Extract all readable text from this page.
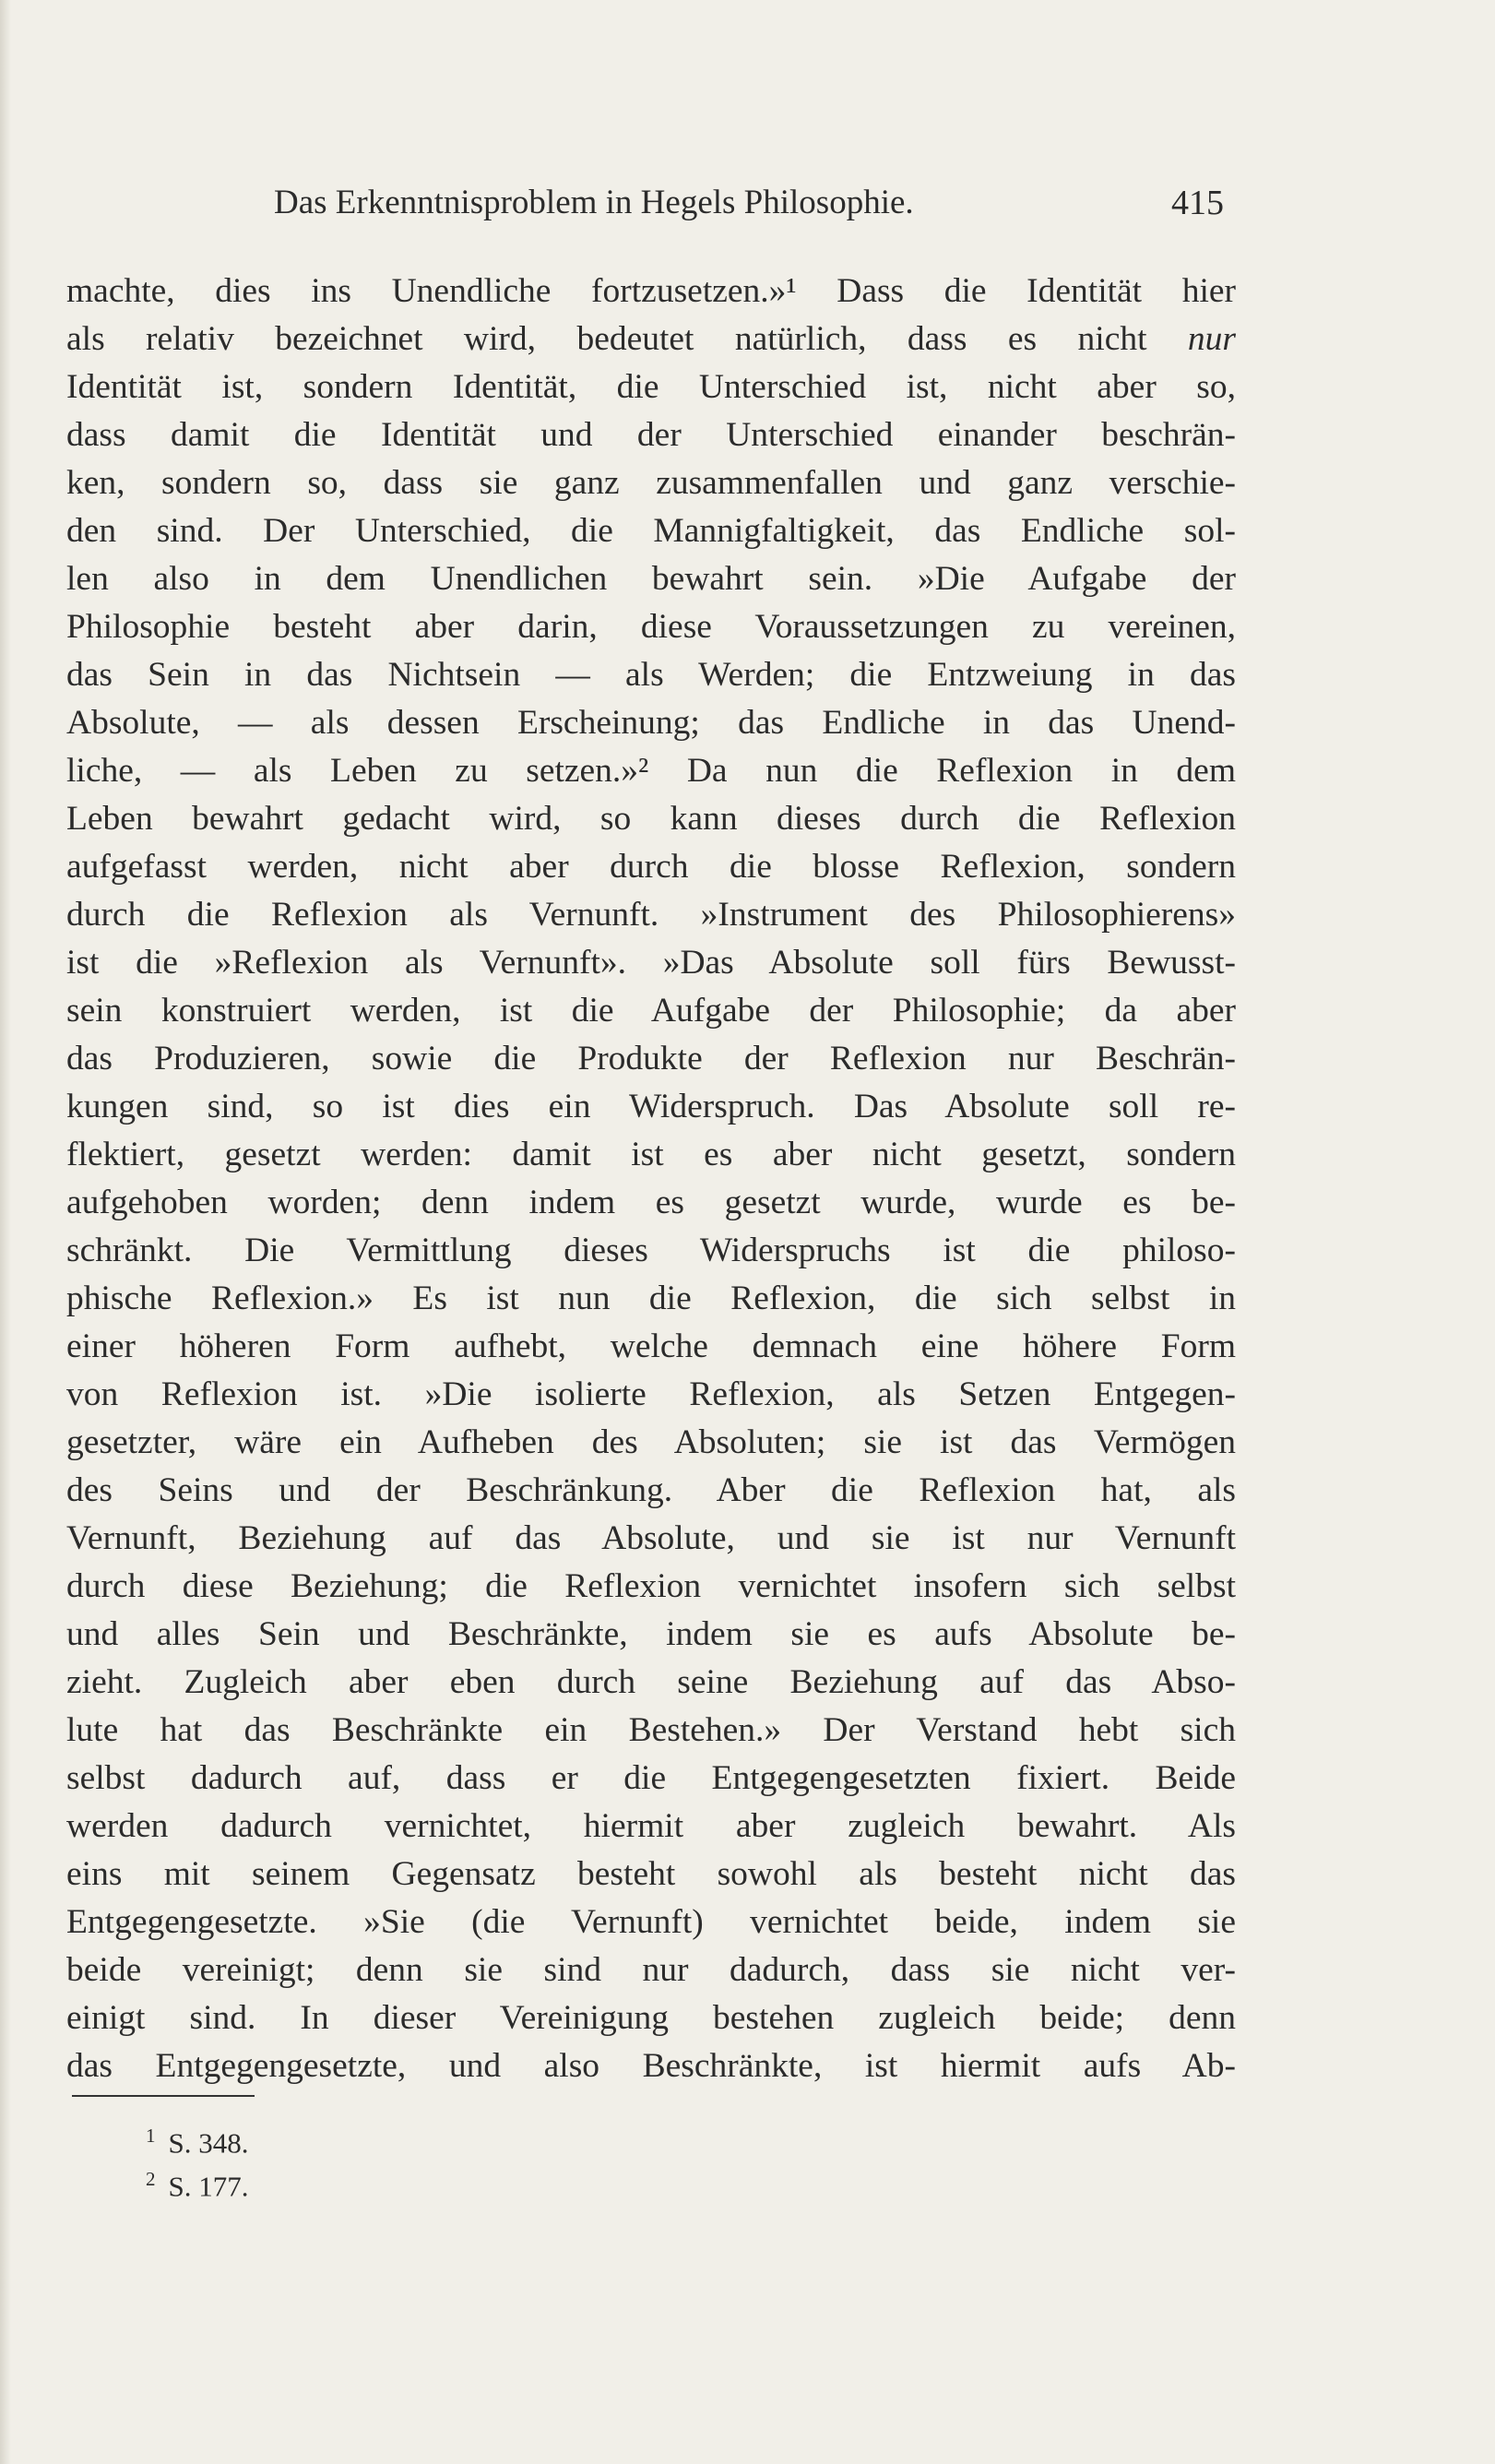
Das Erkenntnisproblem in Hegels Philosophie.	415
machte, dies ins Unendliche fortzusetzen.»¹ Dass die Identität hier
als relativ bezeichnet wird, bedeutet natürlich, dass es nicht nur
Identität ist, sondern Identität, die Unterschied ist, nicht aber so,
dass damit die Identität und der Unterschied einander beschrän-
ken, sondern so, dass sie ganz zusammenfallen und ganz verschie-
den sind. Der Unterschied, die Mannigfaltigkeit, das Endliche sol-
len also in dem Unendlichen bewahrt sein. »Die Aufgabe der
Philosophie besteht aber darin, diese Voraussetzungen zu vereinen,
das Sein in das Nichtsein — als Werden; die Entzweiung in das
Absolute, — als dessen Erscheinung; das Endliche in das Unend-
liche, — als Leben zu setzen.»² Da nun die Reflexion in dem
Leben bewahrt gedacht wird, so kann dieses durch die Reflexion
aufgefasst werden, nicht aber durch die blosse Reflexion, sondern
durch die Reflexion als Vernunft. »Instrument des Philosophierens»
ist die »Reflexion als Vernunft». »Das Absolute soll fürs Bewusst-
sein konstruiert werden, ist die Aufgabe der Philosophie; da aber
das Produzieren, sowie die Produkte der Reflexion nur Beschrän-
kungen sind, so ist dies ein Widerspruch. Das Absolute soll re-
flektiert, gesetzt werden: damit ist es aber nicht gesetzt, sondern
aufgehoben worden; denn indem es gesetzt wurde, wurde es be-
schränkt. Die Vermittlung dieses Widerspruchs ist die philoso-
phische Reflexion.» Es ist nun die Reflexion, die sich selbst in
einer höheren Form aufhebt, welche demnach eine höhere Form
von Reflexion ist. »Die isolierte Reflexion, als Setzen Entgegen-
gesetzter, wäre ein Aufheben des Absoluten; sie ist das Vermögen
des Seins und der Beschränkung. Aber die Reflexion hat, als
Vernunft, Beziehung auf das Absolute, und sie ist nur Vernunft
durch diese Beziehung; die Reflexion vernichtet insofern sich selbst
und alles Sein und Beschränkte, indem sie es aufs Absolute be-
zieht. Zugleich aber eben durch seine Beziehung auf das Abso-
lute hat das Beschränkte ein Bestehen.» Der Verstand hebt sich
selbst dadurch auf, dass er die Entgegengesetzten fixiert. Beide
werden dadurch vernichtet, hiermit aber zugleich bewahrt. Als
eins mit seinem Gegensatz besteht sowohl als besteht nicht das
Entgegengesetzte. »Sie (die Vernunft) vernichtet beide, indem sie
beide vereinigt; denn sie sind nur dadurch, dass sie nicht ver-
einigt sind. In dieser Vereinigung bestehen zugleich beide; denn
das Entgegengesetzte, und also Beschränkte, ist hiermit aufs Ab-
$^1$ S. 348.
$^2$ S. 177.
